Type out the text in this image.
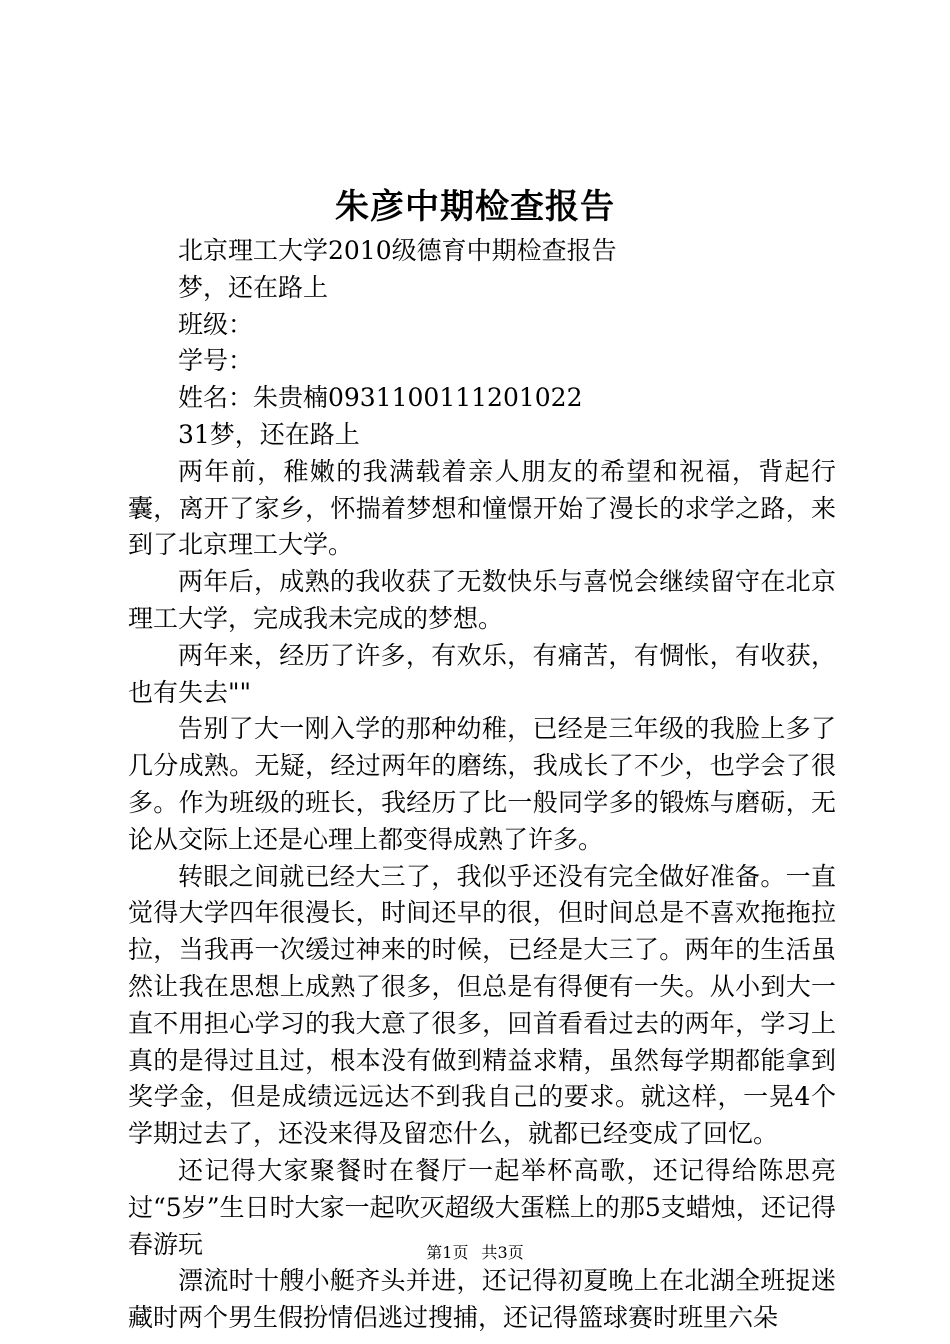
朱彦中期检查报告

北京理工大学2010级德育中期检查报告

梦，还在路上

班级：

学号：

姓名：朱贵楠0931100111201022

31梦，还在路上

两年前，稚嫩的我满载着亲人朋友的希望和祝福，背起行囊，离开了家乡，怀揣着梦想和憧憬开始了漫长的求学之路，来到了北京理工大学。

两年后，成熟的我收获了无数快乐与喜悦会继续留守在北京理工大学，完成我未完成的梦想。

两年来，经历了许多，有欢乐，有痛苦，有惆怅，有收获，也有失去""

告别了大一刚入学的那种幼稚，已经是三年级的我脸上多了几分成熟。无疑，经过两年的磨练，我成长了不少，也学会了很多。作为班级的班长，我经历了比一般同学多的锻炼与磨砺，无论从交际上还是心理上都变得成熟了许多。

转眼之间就已经大三了，我似乎还没有完全做好准备。一直觉得大学四年很漫长，时间还早的很，但时间总是不喜欢拖拖拉拉，当我再一次缓过神来的时候，已经是大三了。两年的生活虽然让我在思想上成熟了很多，但总是有得便有一失。从小到大一直不用担心学习的我大意了很多，回首看看过去的两年，学习上真的是得过且过，根本没有做到精益求精，虽然每学期都能拿到奖学金，但是成绩远远达不到我自己的要求。就这样，一晃4个学期过去了，还没来得及留恋什么，就都已经变成了回忆。

还记得大家聚餐时在餐厅一起举杯高歌，还记得给陈思亮过“5岁”生日时大家一起吹灭超级大蛋糕上的那5支蜡烛，还记得春游玩

漂流时十艘小艇齐头并进，还记得初夏晚上在北湖全班捉迷藏时两个男生假扮情侣逃过搜捕，还记得篮球赛时班里六朵

第1页 共3页
